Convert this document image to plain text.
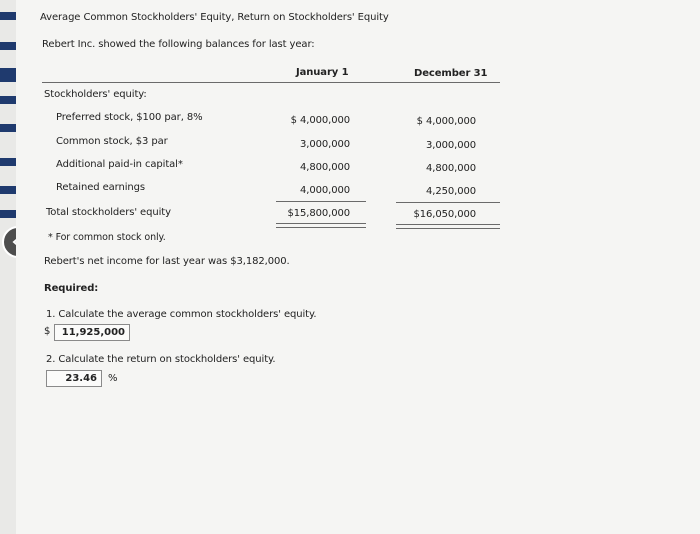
Average Common Stockholders' Equity, Return on Stockholders' Equity
Rebert Inc. showed the following balances for last year:
January 1	December 31
Stockholders' equity:
Preferred stock, $100 par, 8%	$ 4,000,000	$ 4,000,000
Common stock, $3 par	3,000,000	3,000,000
Additional paid-in capital*	4,800,000	4,800,000
Retained earnings	4,000,000	4,250,000
Total stockholders' equity	$15,800,000	$16,050,000
* For common stock only.
Rebert's net income for last year was $3,182,000.
Required:
1. Calculate the average common stockholders' equity.
$	11,925,000
2. Calculate the return on stockholders' equity.
23.46	%
